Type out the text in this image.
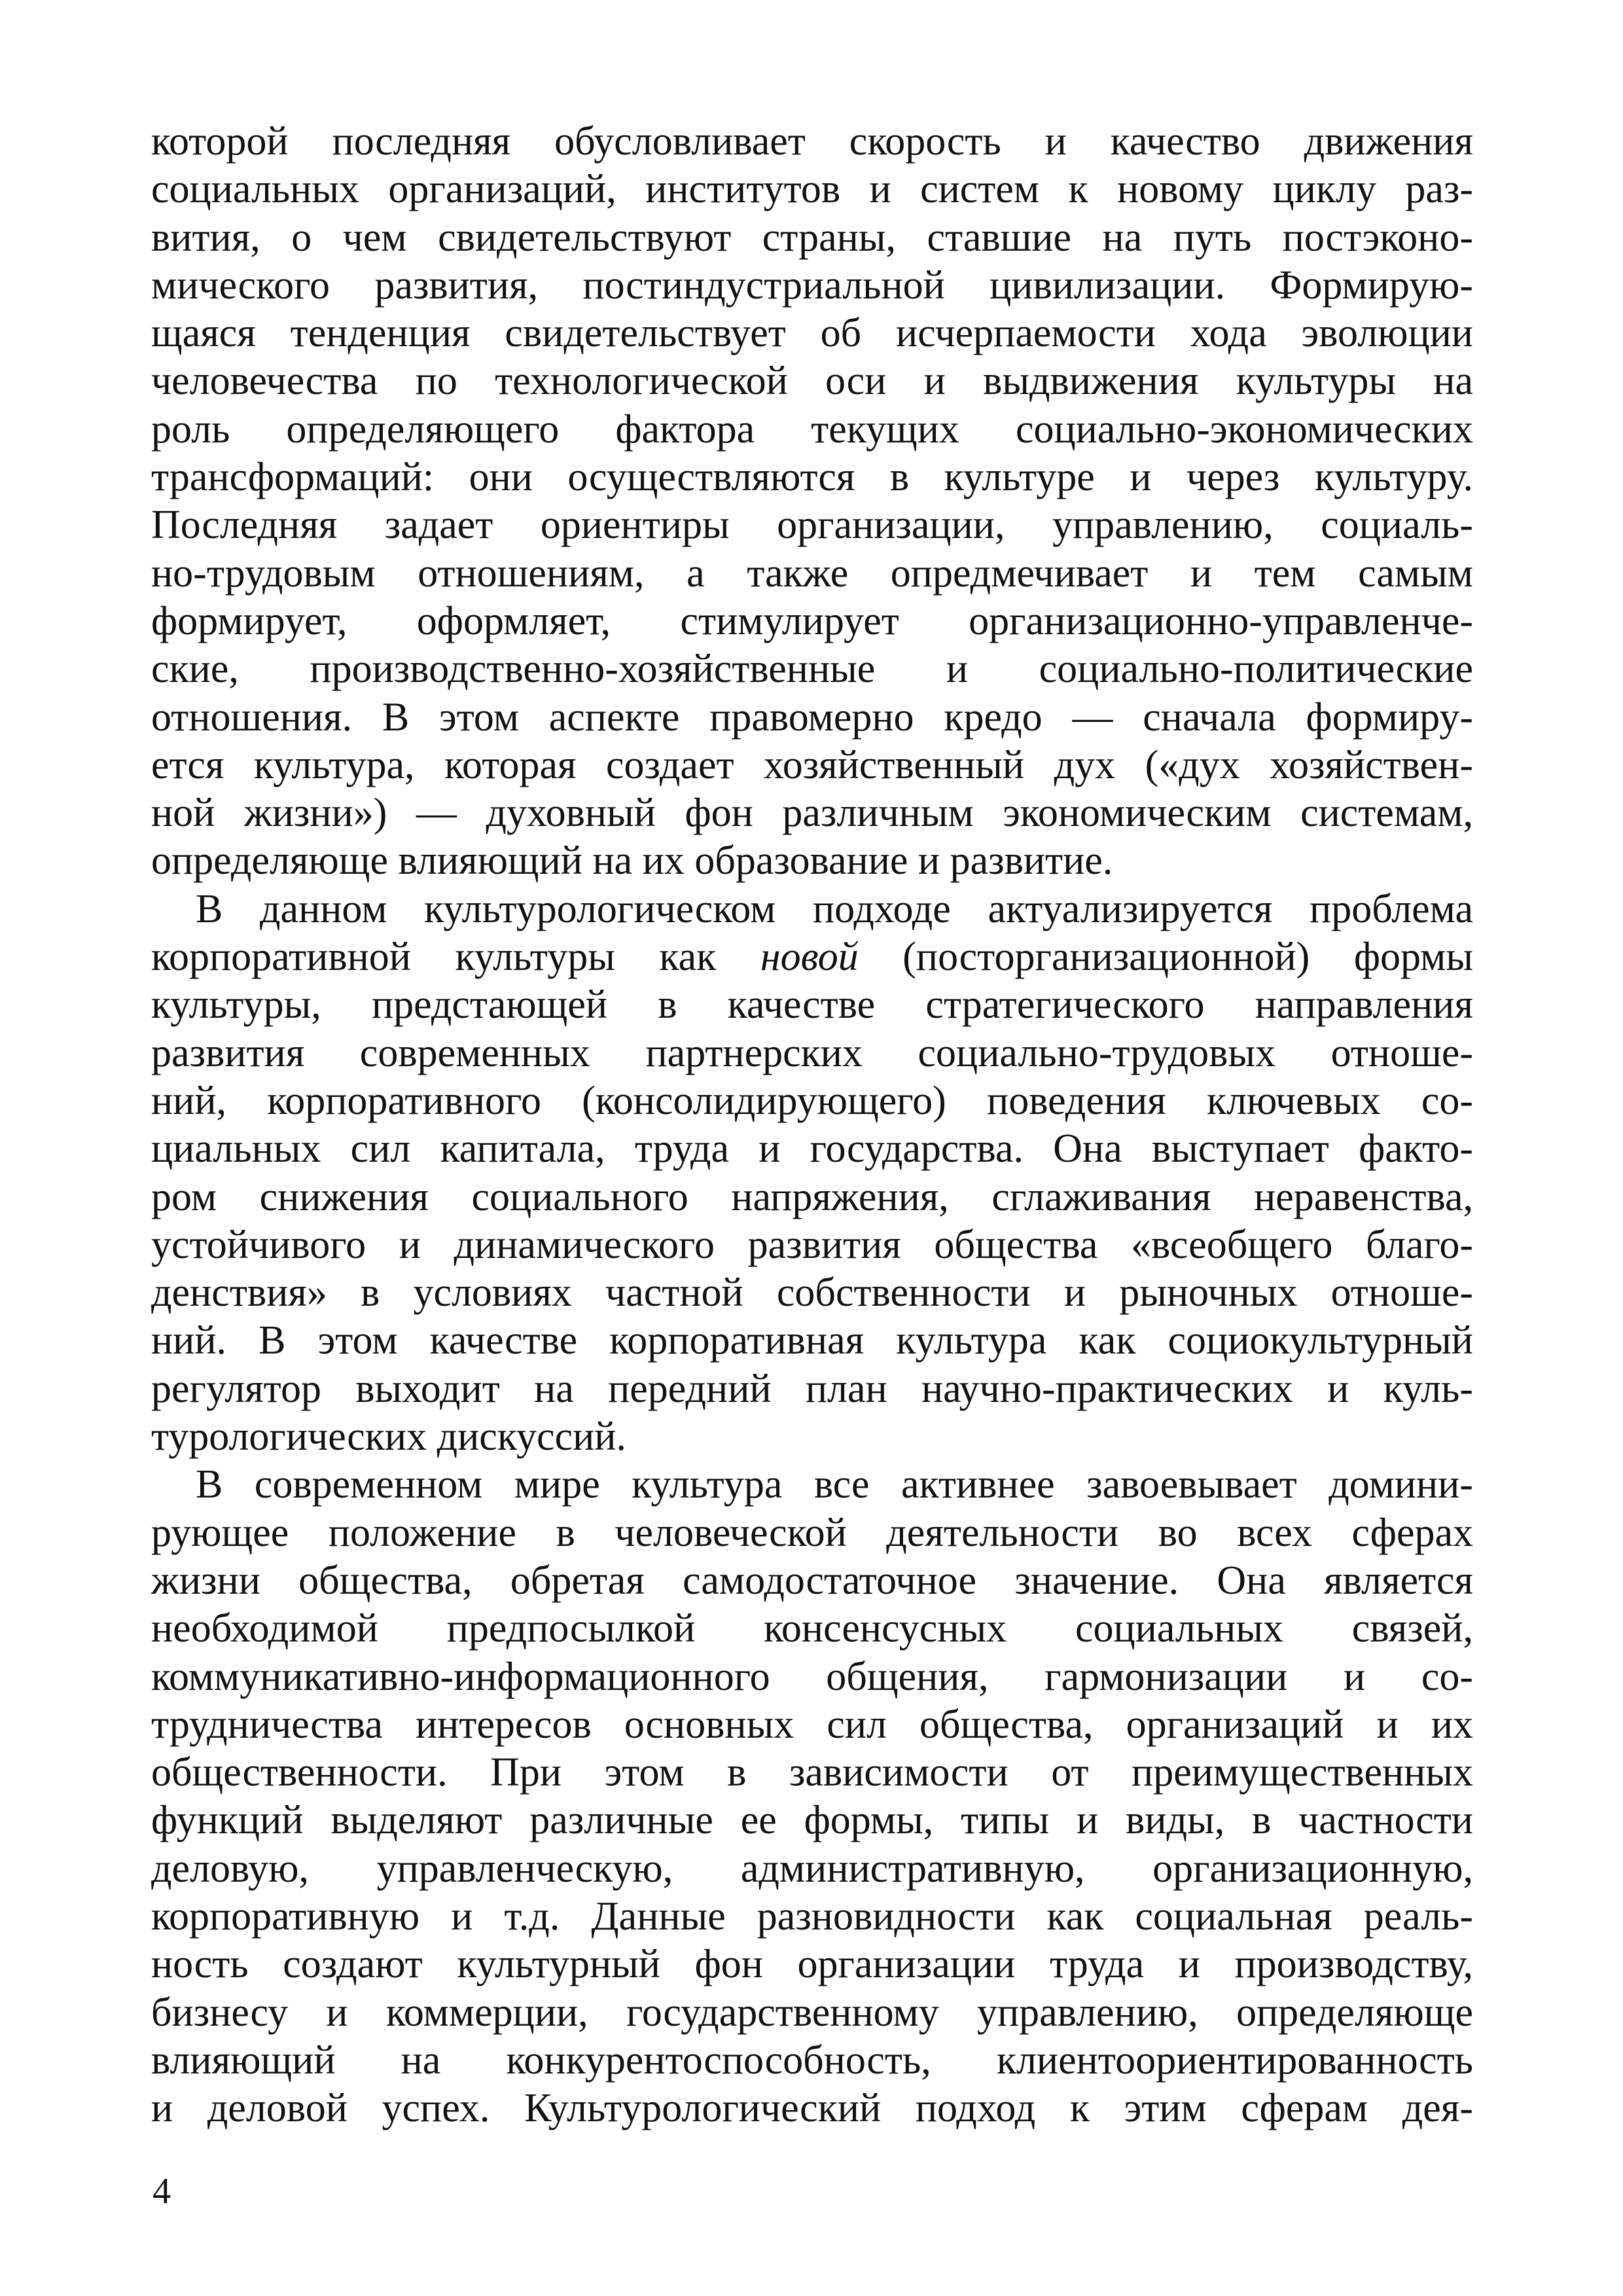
которой последняя обусловливает скорость и качество движения
социальных организаций, институтов и систем к новому циклу раз-
вития, о чем свидетельствуют страны, ставшие на путь постэконо-
мического развития, постиндустриальной цивилизации. Формирую-
щаяся тенденция свидетельствует об исчерпаемости хода эволюции
человечества по технологической оси и выдвижения культуры на
роль определяющего фактора текущих социально-экономических
трансформаций: они осуществляются в культуре и через культуру.
Последняя задает ориентиры организации, управлению, социаль-
но-трудовым отношениям, а также опредмечивает и тем самым
формирует, оформляет, стимулирует организационно-управленче-
ские, производственно-хозяйственные и социально-политические
отношения. В этом аспекте правомерно кредо — сначала формиру-
ется культура, которая создает хозяйственный дух («дух хозяйствен-
ной жизни») — духовный фон различным экономическим системам,
определяюще влияющий на их образование и развитие.
В данном культурологическом подходе актуализируется проблема
корпоративной культуры как новой (посторганизационной) формы
культуры, предстающей в качестве стратегического направления
развития современных партнерских социально-трудовых отноше-
ний, корпоративного (консолидирующего) поведения ключевых со-
циальных сил капитала, труда и государства. Она выступает факто-
ром снижения социального напряжения, сглаживания неравенства,
устойчивого и динамического развития общества «всеобщего благо-
денствия» в условиях частной собственности и рыночных отноше-
ний. В этом качестве корпоративная культура как социокультурный
регулятор выходит на передний план научно-практических и куль-
турологических дискуссий.
В современном мире культура все активнее завоевывает домини-
рующее положение в человеческой деятельности во всех сферах
жизни общества, обретая самодостаточное значение. Она является
необходимой предпосылкой консенсусных социальных связей,
коммуникативно-информационного общения, гармонизации и со-
трудничества интересов основных сил общества, организаций и их
общественности. При этом в зависимости от преимущественных
функций выделяют различные ее формы, типы и виды, в частности
деловую, управленческую, административную, организационную,
корпоративную и т.д. Данные разновидности как социальная реаль-
ность создают культурный фон организации труда и производству,
бизнесу и коммерции, государственному управлению, определяюще
влияющий на конкурентоспособность, клиентоориентированность
и деловой успех. Культурологический подход к этим сферам дея-
4
